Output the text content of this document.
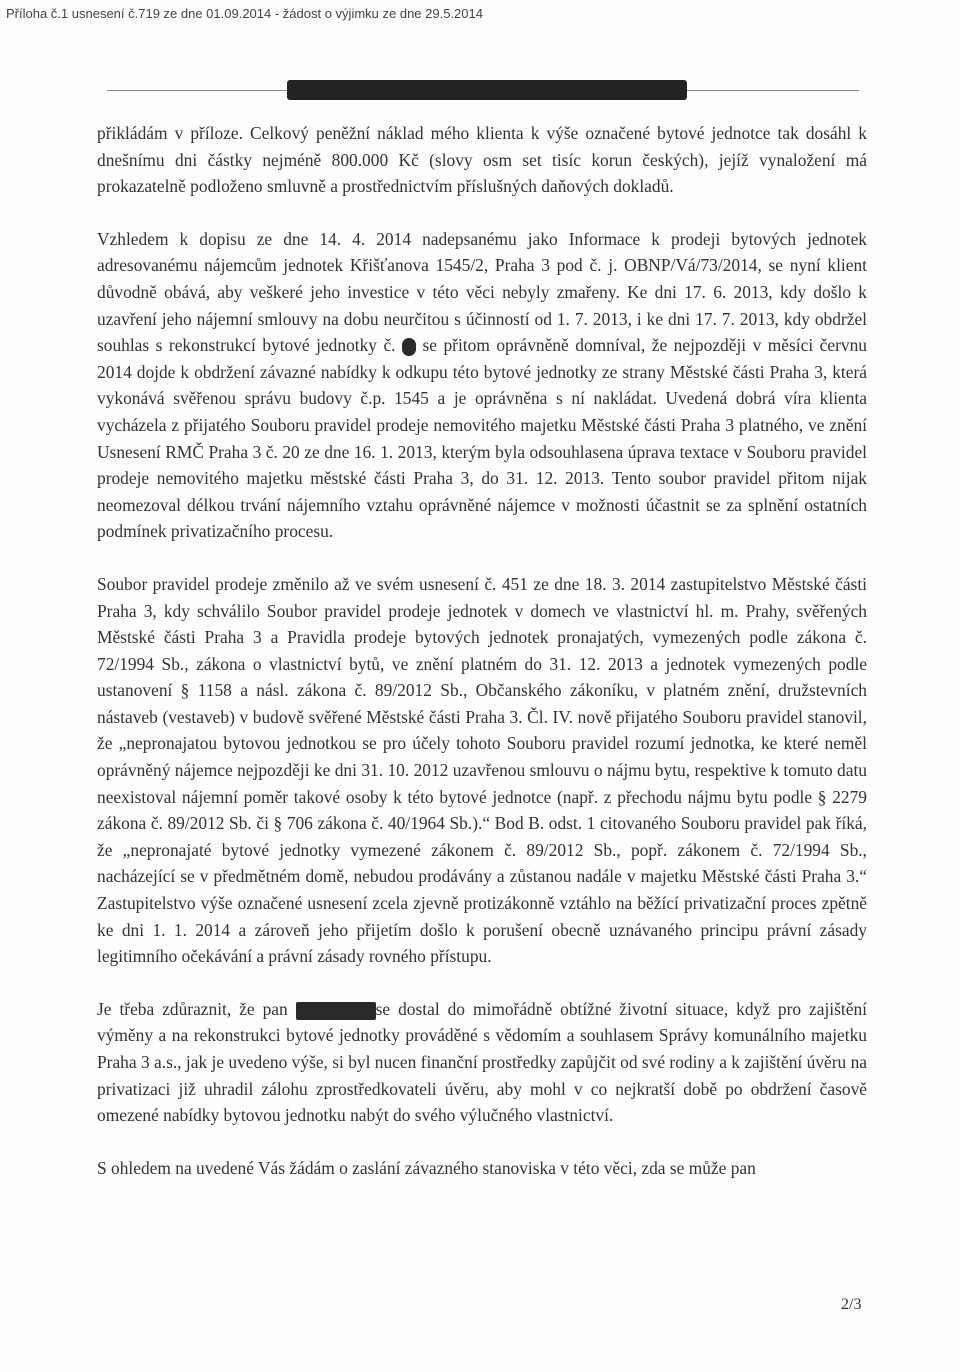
Příloha č.1 usnesení č.719 ze dne 01.09.2014 - žádost o výjimku ze dne 29.5.2014

přikládám v příloze. Celkový peněžní náklad mého klienta k výše označené bytové jednotce tak dosáhl k dnešnímu dni částky nejméně 800.000 Kč (slovy osm set tisíc korun českých), jejíž vynaložení má prokazatelně podloženo smluvně a prostřednictvím příslušných daňových dokladů.

Vzhledem k dopisu ze dne 14. 4. 2014 nadepsanému jako Informace k prodeji bytových jednotek adresovanému nájemcům jednotek Křišťanova 1545/2, Praha 3 pod č. j. OBNP/Vá/73/2014, se nyní klient důvodně obává, aby veškeré jeho investice v této věci nebyly zmařeny. Ke dni 17. 6. 2013, kdy došlo k uzavření jeho nájemní smlouvy na dobu neurčitou s účinností od 1. 7. 2013, i ke dni 17. 7. 2013, kdy obdržel souhlas s rekonstrukcí bytové jednotky č. se přitom oprávněně domníval, že nejpozději v měsíci červnu 2014 dojde k obdržení závazné nabídky k odkupu této bytové jednotky ze strany Městské části Praha 3, která vykonává svěřenou správu budovy č.p. 1545 a je oprávněna s ní nakládat. Uvedená dobrá víra klienta vycházela z přijatého Souboru pravidel prodeje nemovitého majetku Městské části Praha 3 platného, ve znění Usnesení RMČ Praha 3 č. 20 ze dne 16. 1. 2013, kterým byla odsouhlasena úprava textace v Souboru pravidel prodeje nemovitého majetku městské části Praha 3, do 31. 12. 2013. Tento soubor pravidel přitom nijak neomezoval délkou trvání nájemního vztahu oprávněné nájemce v možnosti účastnit se za splnění ostatních podmínek privatizačního procesu.

Soubor pravidel prodeje změnilo až ve svém usnesení č. 451 ze dne 18. 3. 2014 zastupitelstvo Městské části Praha 3, kdy schválilo Soubor pravidel prodeje jednotek v domech ve vlastnictví hl. m. Prahy, svěřených Městské části Praha 3 a Pravidla prodeje bytových jednotek pronajatých, vymezených podle zákona č. 72/1994 Sb., zákona o vlastnictví bytů, ve znění platném do 31. 12. 2013 a jednotek vymezených podle ustanovení § 1158 a násl. zákona č. 89/2012 Sb., Občanského zákoníku, v platném znění, družstevních nástaveb (vestaveb) v budově svěřené Městské části Praha 3. Čl. IV. nově přijatého Souboru pravidel stanovil, že „nepronajatou bytovou jednotkou se pro účely tohoto Souboru pravidel rozumí jednotka, ke které neměl oprávněný nájemce nejpozději ke dni 31. 10. 2012 uzavřenou smlouvu o nájmu bytu, respektive k tomuto datu neexistoval nájemní poměr takové osoby k této bytové jednotce (např. z přechodu nájmu bytu podle § 2279 zákona č. 89/2012 Sb. či § 706 zákona č. 40/1964 Sb.).“ Bod B. odst. 1 citovaného Souboru pravidel pak říká, že „nepronajaté bytové jednotky vymezené zákonem č. 89/2012 Sb., popř. zákonem č. 72/1994 Sb., nacházející se v předmětném domě, nebudou prodávány a zůstanou nadále v majetku Městské části Praha 3.“ Zastupitelstvo výše označené usnesení zcela zjevně protizákonně vztáhlo na běžící privatizační proces zpětně ke dni 1. 1. 2014 a zároveň jeho přijetím došlo k porušení obecně uznávaného principu právní zásady legitimního očekávání a právní zásady rovného přístupu.

Je třeba zdůraznit, že pan	se dostal do mimořádně obtížné životní situace, když pro zajištění výměny a na rekonstrukci bytové jednotky prováděné s vědomím a souhlasem Správy komunálního majetku Praha 3 a.s., jak je uvedeno výše, si byl nucen finanční prostředky zapůjčit od své rodiny a k zajištění úvěru na privatizaci již uhradil zálohu zprostředkovateli úvěru, aby mohl v co nejkratší době po obdržení časově omezené nabídky bytovou jednotku nabýt do svého výlučného vlastnictví.

S ohledem na uvedené Vás žádám o zaslání závazného stanoviska v této věci, zda se může pan

2/3
